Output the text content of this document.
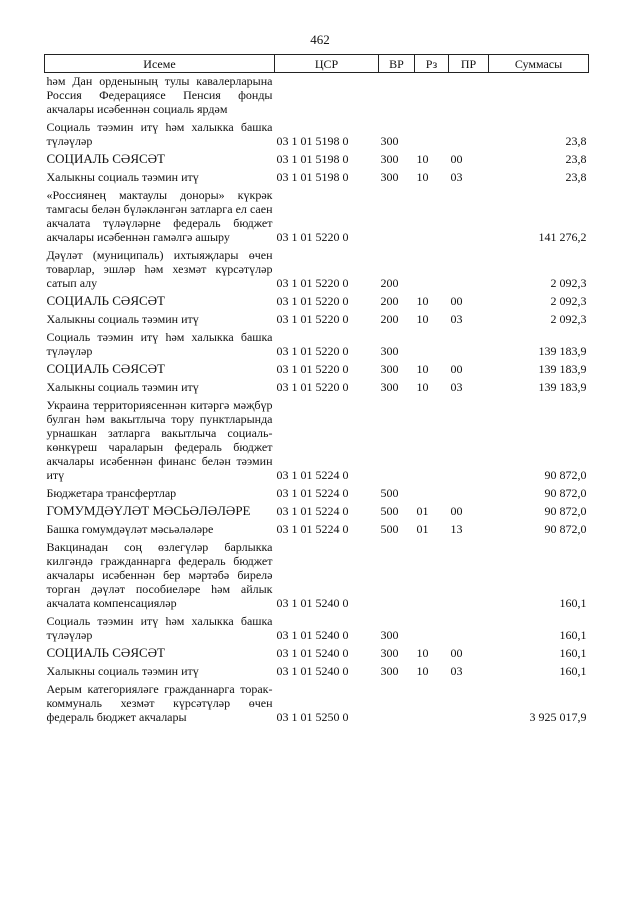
462
Исеме	ЦСР	ВР	Рз	ПР	Суммасы
һәм Дан орденының тулы кавалерларына Россия Федерациясе Пенсия фонды акчалары исәбеннән социаль ярдәм					
Социаль тәэмин итү һәм халыкка башка түләүләр	03 1 01 5198 0	300			23,8
СОЦИАЛЬ СӘЯСӘТ	03 1 01 5198 0	300	10	00	23,8
Халыкны социаль тәэмин итү	03 1 01 5198 0	300	10	03	23,8
«Россиянең мактаулы доноры» күкрәк тамгасы белән бүләкләнгән затларга ел саен акчалата түләүләрне федераль бюджет акчалары исәбеннән гамәлгә ашыру	03 1 01 5220 0				141 276,2
Дәүләт (муниципаль) ихтыяҗлары өчен товарлар, эшләр һәм хезмәт күрсәтүләр сатып алу	03 1 01 5220 0	200			2 092,3
СОЦИАЛЬ СӘЯСӘТ	03 1 01 5220 0	200	10	00	2 092,3
Халыкны социаль тәэмин итү	03 1 01 5220 0	200	10	03	2 092,3
Социаль тәэмин итү һәм халыкка башка түләүләр	03 1 01 5220 0	300			139 183,9
СОЦИАЛЬ СӘЯСӘТ	03 1 01 5220 0	300	10	00	139 183,9
Халыкны социаль тәэмин итү	03 1 01 5220 0	300	10	03	139 183,9
Украина территориясеннән китәргә мәҗбүр булган һәм вакытлыча тору пунктларында урнашкан затларга вакытлыча социаль-көнкүреш чараларын федераль бюджет акчалары исәбеннән финанс белән тәэмин итү	03 1 01 5224 0				90 872,0
Бюджетара трансфертлар	03 1 01 5224 0	500			90 872,0
ГОМУМДӘҮЛӘТ МӘСЬӘЛӘЛӘРЕ	03 1 01 5224 0	500	01	00	90 872,0
Башка гомумдәүләт мәсьәләләре	03 1 01 5224 0	500	01	13	90 872,0
Вакцинадан соң өзлегүләр барлыкка килгәндә гражданнарга федераль бюджет акчалары исәбеннән бер мәртәбә бирелә торган дәүләт пособиеләре һәм айлык акчалата компенсацияләр	03 1 01 5240 0				160,1
Социаль тәэмин итү һәм халыкка башка түләүләр	03 1 01 5240 0	300			160,1
СОЦИАЛЬ СӘЯСӘТ	03 1 01 5240 0	300	10	00	160,1
Халыкны социаль тәэмин итү	03 1 01 5240 0	300	10	03	160,1
Аерым категорияләге гражданнарга торак-коммуналь хезмәт күрсәтүләр өчен федераль бюджет акчалары	03 1 01 5250 0				3 925 017,9
